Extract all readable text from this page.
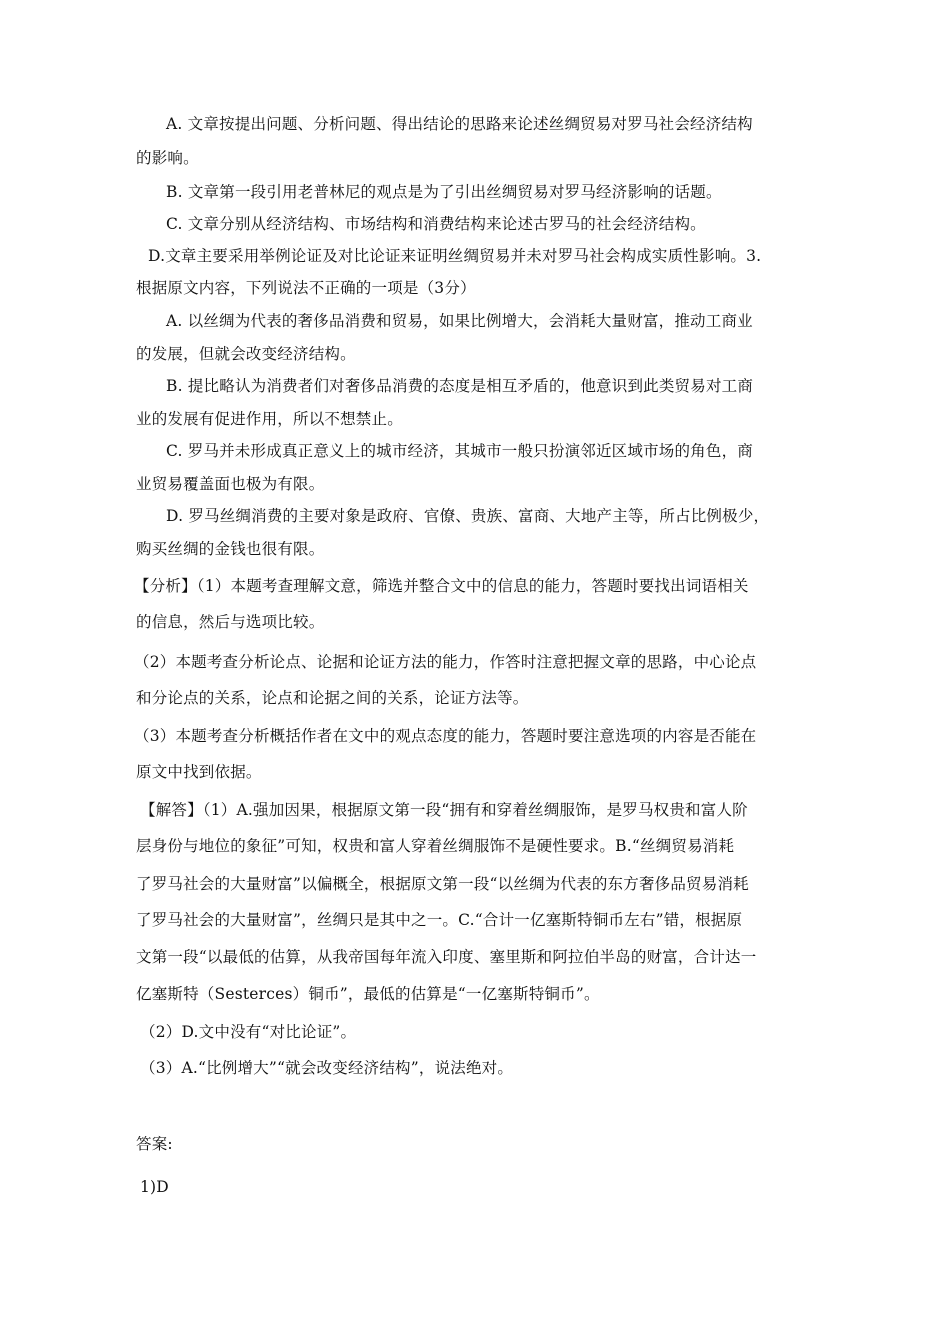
A. 文章按提出问题、分析问题、得出结论的思路来论述丝绸贸易对罗马社会经济结构
的影响。
B. 文章第一段引用老普林尼的观点是为了引出丝绸贸易对罗马经济影响的话题。
C. 文章分别从经济结构、市场结构和消费结构来论述古罗马的社会经济结构。
D.文章主要采用举例论证及对比论证来证明丝绸贸易并未对罗马社会构成实质性影响。3.
根据原文内容，下列说法不正确的一项是（3分）
A. 以丝绸为代表的奢侈品消费和贸易，如果比例增大，会消耗大量财富，推动工商业
的发展，但就会改变经济结构。
B. 提比略认为消费者们对奢侈品消费的态度是相互矛盾的，他意识到此类贸易对工商
业的发展有促进作用，所以不想禁止。
C. 罗马并未形成真正意义上的城市经济，其城市一般只扮演邻近区域市场的角色，商
业贸易覆盖面也极为有限。
D. 罗马丝绸消费的主要对象是政府、官僚、贵族、富商、大地产主等，所占比例极少，
购买丝绸的金钱也很有限。
【分析】（1）本题考查理解文意，筛选并整合文中的信息的能力，答题时要找出词语相关
的信息，然后与选项比较。
（2）本题考查分析论点、论据和论证方法的能力，作答时注意把握文章的思路，中心论点
和分论点的关系，论点和论据之间的关系，论证方法等。
（3）本题考查分析概括作者在文中的观点态度的能力，答题时要注意选项的内容是否能在
原文中找到依据。
【解答】（1）A.强加因果，根据原文第一段“拥有和穿着丝绸服饰，是罗马权贵和富人阶
层身份与地位的象征”可知，权贵和富人穿着丝绸服饰不是硬性要求。B.“丝绸贸易消耗
了罗马社会的大量财富”以偏概全，根据原文第一段“以丝绸为代表的东方奢侈品贸易消耗
了罗马社会的大量财富”，丝绸只是其中之一。C.“合计一亿塞斯特铜币左右”错，根据原
文第一段“以最低的估算，从我帝国每年流入印度、塞里斯和阿拉伯半岛的财富，合计达一
亿塞斯特（Sesterces）铜币”，最低的估算是“一亿塞斯特铜币”。
（2）D.文中没有“对比论证”。
（3）A.“比例增大”“就会改变经济结构”，说法绝对。
答案:
1)D
